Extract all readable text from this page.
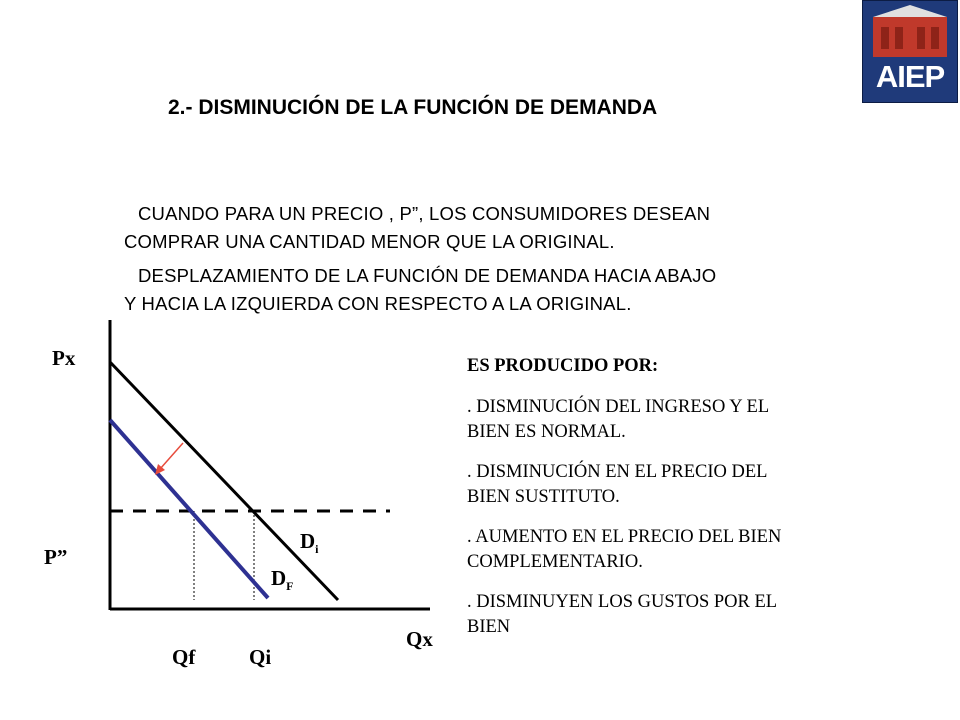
AIEP
2.- DISMINUCIÓN DE LA FUNCIÓN DE DEMANDA
CUANDO PARA UN PRECIO , P”, LOS CONSUMIDORES DESEAN
COMPRAR UNA CANTIDAD MENOR QUE LA ORIGINAL.
DESPLAZAMIENTO DE LA FUNCIÓN DE DEMANDA HACIA ABAJO
Y HACIA LA IZQUIERDA CON RESPECTO A LA ORIGINAL.
Px
P”
Qx
Qf	Qi
$D_i$
$D_F$
ES PRODUCIDO POR:
. DISMINUCIÓN DEL INGRESO Y EL
BIEN ES NORMAL.
. DISMINUCIÓN EN EL PRECIO DEL
BIEN SUSTITUTO.
. AUMENTO EN EL PRECIO DEL BIEN
COMPLEMENTARIO.
. DISMINUYEN LOS GUSTOS POR EL
BIEN
